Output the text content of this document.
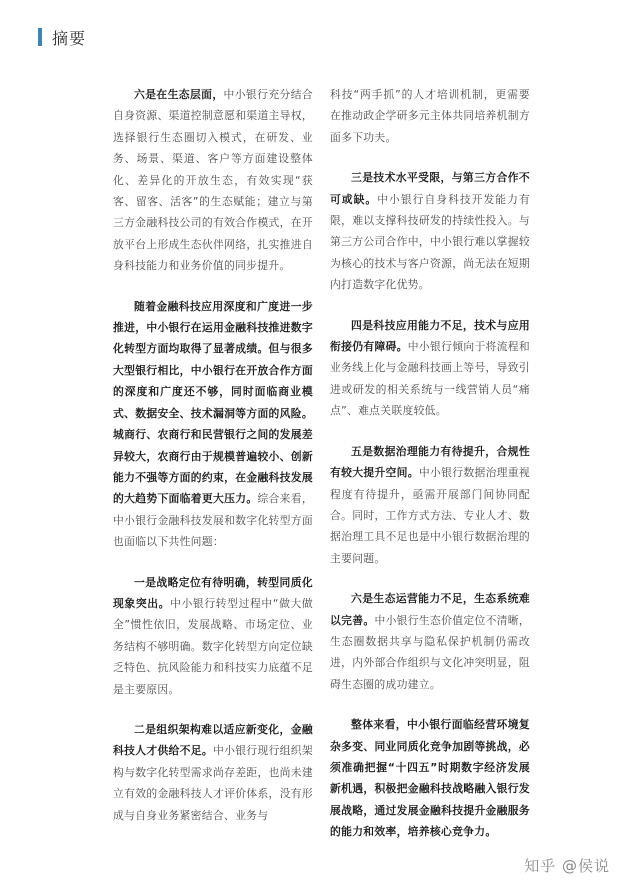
摘要

六是在生态层面，中小银行充分结合自身资源、渠道控制意愿和渠道主导权，选择银行生态圈切入模式，在研发、业务、场景、渠道、客户等方面建设整体化、差异化的开放生态，有效实现“获客、留客、活客”的生态赋能；建立与第三方金融科技公司的有效合作模式，在开放平台上形成生态伙伴网络，扎实推进自身科技能力和业务价值的同步提升。

随着金融科技应用深度和广度进一步推进，中小银行在运用金融科技推进数字化转型方面均取得了显著成绩。但与很多大型银行相比，中小银行在开放合作方面的深度和广度还不够，同时面临商业模式、数据安全、技术漏洞等方面的风险。城商行、农商行和民营银行之间的发展差异较大，农商行由于规模普遍较小、创新能力不强等方面的约束，在金融科技发展的大趋势下面临着更大压力。综合来看，中小银行金融科技发展和数字化转型方面也面临以下共性问题：

一是战略定位有待明确，转型同质化现象突出。中小银行转型过程中“做大做全”惯性依旧，发展战略、市场定位、业务结构不够明确。数字化转型方向定位缺乏特色、抗风险能力和科技实力底蕴不足是主要原因。

二是组织架构难以适应新变化，金融科技人才供给不足。中小银行现行组织架构与数字化转型需求尚存差距，也尚未建立有效的金融科技人才评价体系，没有形成与自身业务紧密结合、业务与

科技“两手抓”的人才培训机制，更需要在推动政企学研多元主体共同培养机制方面多下功夫。

三是技术水平受限，与第三方合作不可或缺。中小银行自身科技开发能力有限，难以支撑科技研发的持续性投入。与第三方公司合作中，中小银行难以掌握较为核心的技术与客户资源，尚无法在短期内打造数字化优势。

四是科技应用能力不足，技术与应用衔接仍有障碍。中小银行倾向于将流程和业务线上化与金融科技画上等号，导致引进或研发的相关系统与一线营销人员“痛点”、难点关联度较低。

五是数据治理能力有待提升，合规性有较大提升空间。中小银行数据治理重视程度有待提升，亟需开展部门间协同配合。同时，工作方式方法、专业人才、数据治理工具不足也是中小银行数据治理的主要问题。

六是生态运营能力不足，生态系统难以完善。中小银行生态价值定位不清晰，生态圈数据共享与隐私保护机制仍需改进，内外部合作组织与文化冲突明显，阻碍生态圈的成功建立。

整体来看，中小银行面临经营环境复杂多变、同业同质化竞争加剧等挑战，必须准确把握“十四五”时期数字经济发展新机遇，积极把金融科技战略融入银行发展战略，通过发展金融科技提升金融服务的能力和效率，培养核心竞争力。

知乎 @侯说
